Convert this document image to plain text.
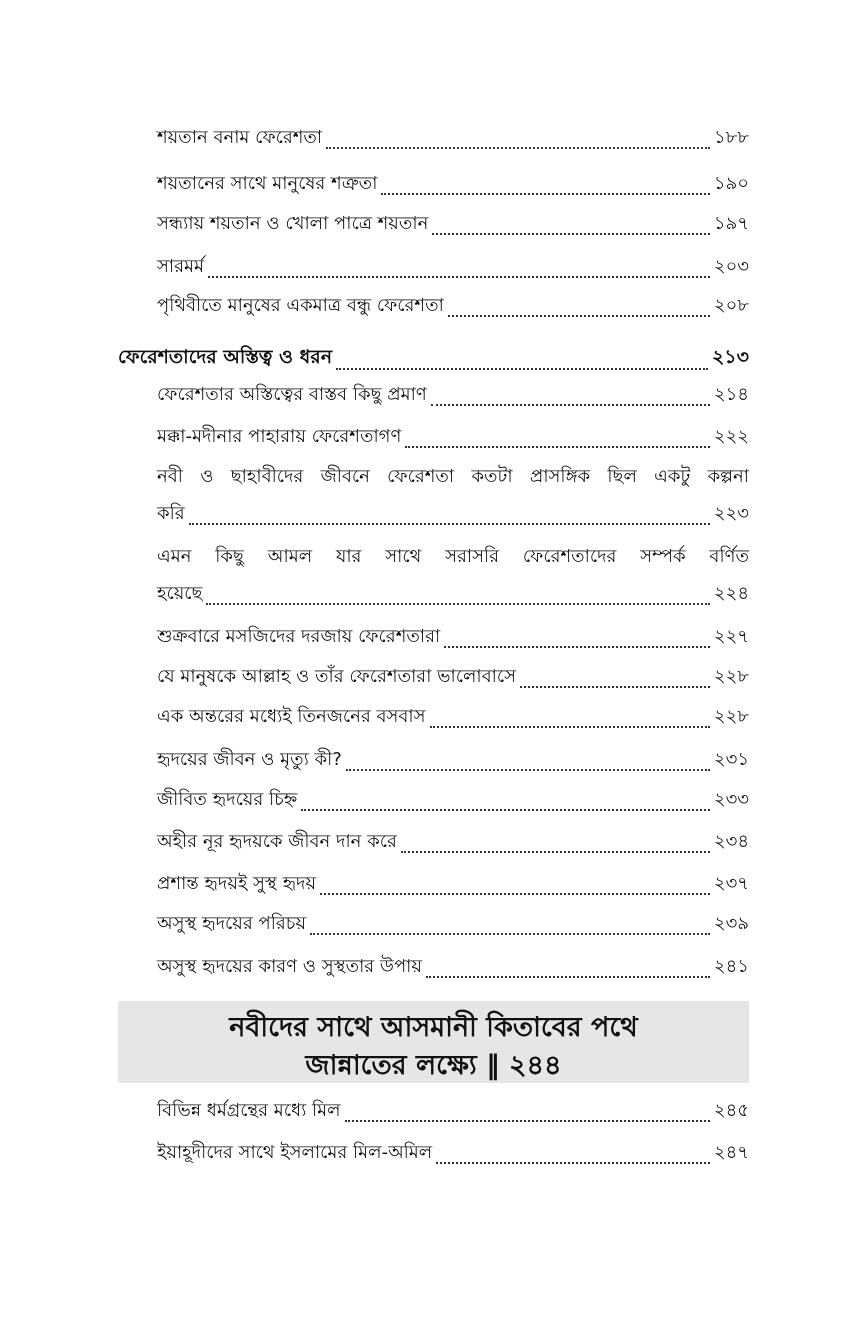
শয়তান বনাম ফেরেশতা	১৮৮
শয়তানের সাথে মানুষের শত্রুতা	১৯০
সন্ধ্যায় শয়তান ও খোলা পাত্রে শয়তান	১৯৭
সারমর্ম	২০৩
পৃথিবীতে মানুষের একমাত্র বন্ধু ফেরেশতা	২০৮
ফেরেশতাদের অস্তিত্ব ও ধরন	২১৩
ফেরেশতার অস্তিত্বের বাস্তব কিছু প্রমাণ	২১৪
মক্কা-মদীনার পাহারায় ফেরেশতাগণ	২২২
নবী ও ছাহাবীদের জীবনে ফেরেশতা কতটা প্রাসঙ্গিক ছিল একটু কল্পনা
করি	২২৩
এমন কিছু আমল যার সাথে সরাসরি ফেরেশতাদের সম্পর্ক বর্ণিত
হয়েছে	২২৪
শুক্রবারে মসজিদের দরজায় ফেরেশতারা	২২৭
যে মানুষকে আল্লাহ ও তাঁর ফেরেশতারা ভালোবাসে	২২৮
এক অন্তরের মধ্যেই তিনজনের বসবাস	২২৮
হৃদয়ের জীবন ও মৃত্যু কী?	২৩১
জীবিত হৃদয়ের চিহ্ন	২৩৩
অহীর নূর হৃদয়কে জীবন দান করে	২৩৪
প্রশান্ত হৃদয়ই সুস্থ হৃদয়	২৩৭
অসুস্থ হৃদয়ের পরিচয়	২৩৯
অসুস্থ হৃদয়ের কারণ ও সুস্থতার উপায়	২৪১
নবীদের সাথে আসমানী কিতাবের পথে
জান্নাতের লক্ষ্যে ‖ ২৪৪
বিভিন্ন ধর্মগ্রন্থের মধ্যে মিল	২৪৫
ইয়াহূদীদের সাথে ইসলামের মিল-অমিল	২৪৭
